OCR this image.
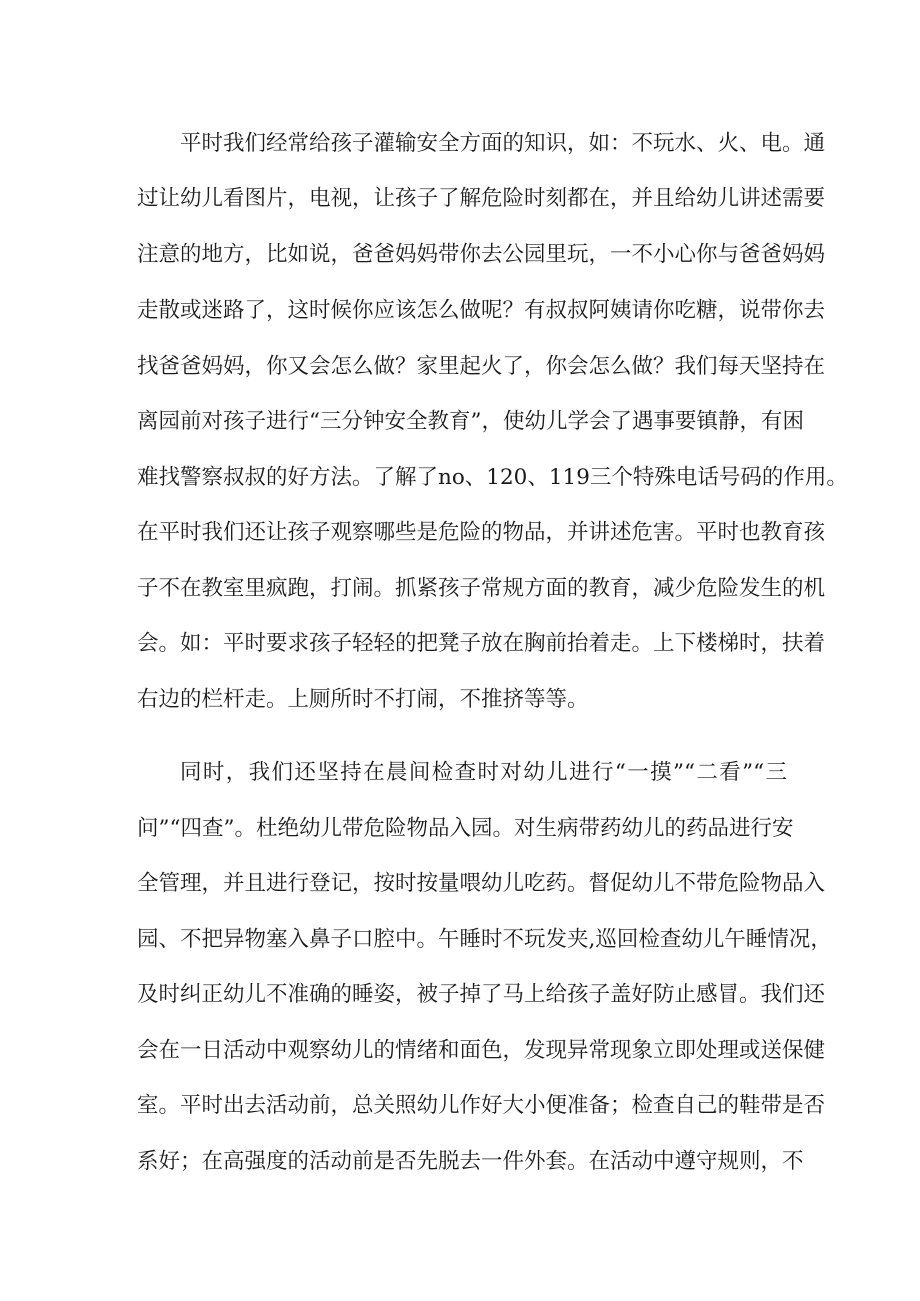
平时我们经常给孩子灌输安全方面的知识，如：不玩水、火、电。通
过让幼儿看图片，电视，让孩子了解危险时刻都在，并且给幼儿讲述需要
注意的地方，比如说，爸爸妈妈带你去公园里玩，一不小心你与爸爸妈妈
走散或迷路了，这时候你应该怎么做呢？有叔叔阿姨请你吃糖，说带你去
找爸爸妈妈，你又会怎么做？家里起火了，你会怎么做？我们每天坚持在
离园前对孩子进行“三分钟安全教育”，使幼儿学会了遇事要镇静，有困
难找警察叔叔的好方法。了解了no、120、119三个特殊电话号码的作用。
在平时我们还让孩子观察哪些是危险的物品，并讲述危害。平时也教育孩
子不在教室里疯跑，打闹。抓紧孩子常规方面的教育，减少危险发生的机
会。如：平时要求孩子轻轻的把凳子放在胸前抬着走。上下楼梯时，扶着
右边的栏杆走。上厕所时不打闹，不推挤等等。
同时，我们还坚持在晨间检查时对幼儿进行“一摸”“二看”“三
问”“四查”。杜绝幼儿带危险物品入园。对生病带药幼儿的药品进行安
全管理，并且进行登记，按时按量喂幼儿吃药。督促幼儿不带危险物品入
园、不把异物塞入鼻子口腔中。午睡时不玩发夹,巡回检查幼儿午睡情况，
及时纠正幼儿不准确的睡姿，被子掉了马上给孩子盖好防止感冒。我们还
会在一日活动中观察幼儿的情绪和面色，发现异常现象立即处理或送保健
室。平时出去活动前，总关照幼儿作好大小便准备；检查自己的鞋带是否
系好；在高强度的活动前是否先脱去一件外套。在活动中遵守规则，不
